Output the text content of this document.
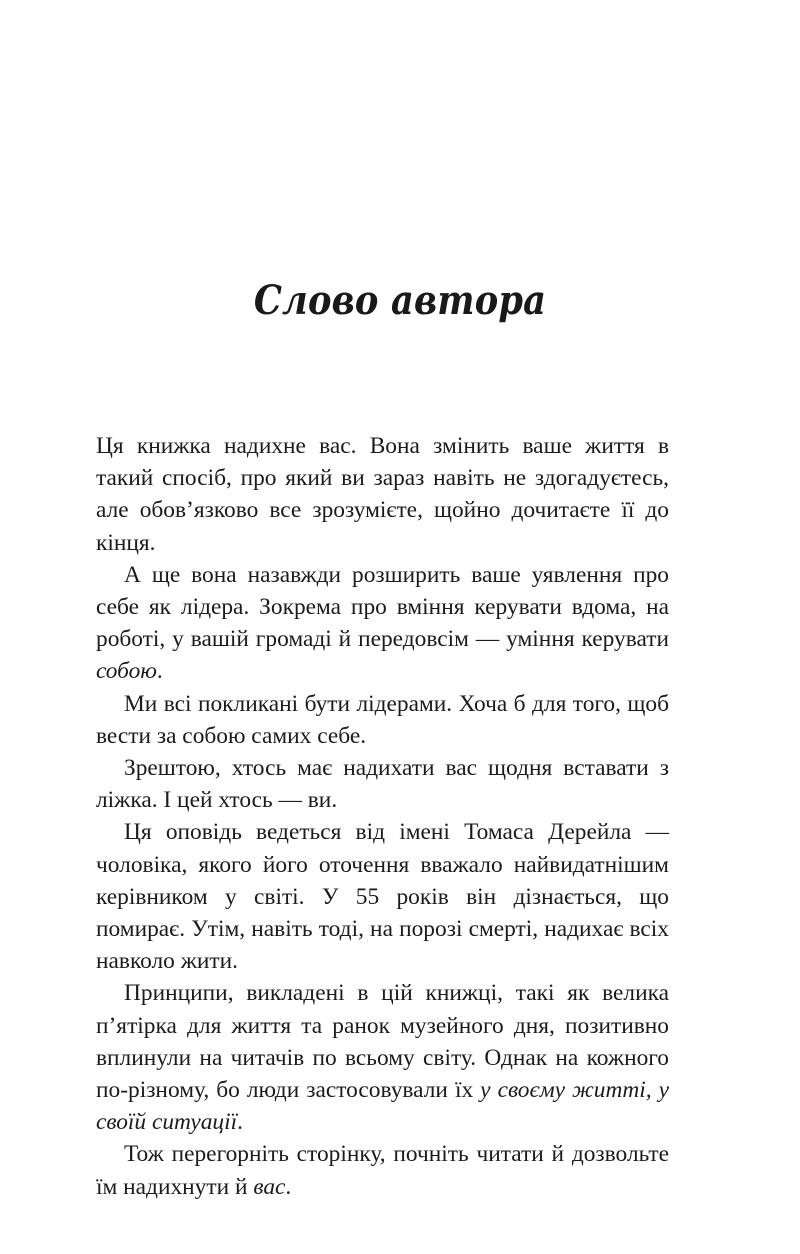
Слово автора

Ця книжка надихне вас. Вона змінить ваше життя в такий спосіб, про який ви зараз навіть не здогадуєтесь, але обов’язково все зрозумієте, щойно дочитаєте її до кінця.

А ще вона назавжди розширить ваше уявлення про себе як лідера. Зокрема про вміння керувати вдома, на роботі, у вашій громаді й передовсім — уміння керувати собою.

Ми всі покликані бути лідерами. Хоча б для того, щоб вести за собою самих себе.

Зрештою, хтось має надихати вас щодня вставати з ліжка. І цей хтось — ви.

Ця оповідь ведеться від імені Томаса Дерейла — чоловіка, якого його оточення вважало найвидатнішим керівником у світі. У 55 років він дізнається, що помирає. Утім, навіть тоді, на порозі смерті, надихає всіх навколо жити.

Принципи, викладені в цій книжці, такі як велика п’ятірка для життя та ранок музейного дня, позитивно вплинули на читачів по всьому світу. Однак на кожного по-різному, бо люди застосовували їх у своєму житті, у своїй ситуації.

Тож перегорніть сторінку, почніть читати й дозвольте їм надихнути й вас.
